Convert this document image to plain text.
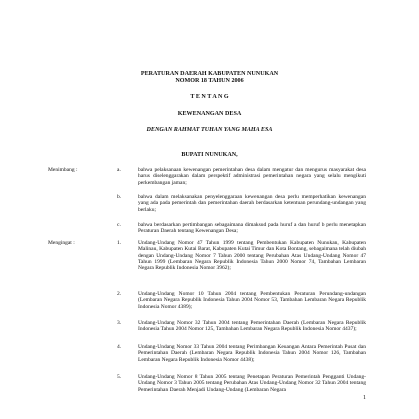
PERATURAN DAERAH KABUPATEN NUNUKAN
NOMOR 18 TAHUN 2006
T E N T A N G
KEWENANGAN DESA
DENGAN RAHMAT TUHAN YANG MAHA ESA
BUPATI NUNUKAN,
Menimbang :	a.	bahwa pelaksanaan kewenangan pemerintahan desa dalam mengatur dan mengurus masyarakat desa harus diselenggarakan dalam perspektif administrasi pemerintahan negara yang selalu mengikuti perkembangan jaman;
b.	bahwa dalam melaksanakan penyelenggaraan kewenangan desa perlu memperhatikan kewenangan yang ada pada pemerintah dan pemerintahan daerah berdasarkan ketentuan perundang-undangan yang berlaku;
c.	bahwa berdasarkan pertimbangan sebagaimana dimaksud pada huruf a dan huruf b perlu menetapkan Peraturan Daerah tentang Kewenangan Desa;
Mengingat :	1.	Undang-Undang Nomor 47 Tahun 1999 tentang Pembentukan Kabupaten Nunukan, Kabupaten Malinau, Kabupaten Kutai Barat, Kabupaten Kutai Timur dan Kota Bontang, sebagaimana telah diubah dengan Undang-Undang Nomor 7 Tahun 2000 tentang Perubahan Atas Undang-Undang Nomor 47 Tahun 1999 (Lembaran Negara Republik Indonesia Tahun 2000 Nomor 74, Tambahan Lembaran Negara Republik Indonesia Nomor 3962);
2.	Undang-Undang Nomor 10 Tahun 2004 tentang Pembentukan Peraturan Perundang-undangan (Lembaran Negara Republik Indonesia Tahun 2004 Nomor 53, Tambahan Lembaran Negara Republik Indonesia Nomor 4389);
3.	Undang-Undang Nomor 32 Tahun 2004 tentang Pemerintahan Daerah (Lembaran Negara Republik Indonesia Tahun 2004 Nomor 125, Tambahan Lembaran Negara Republik Indonesia Nomor 4437);
4.	Undang-Undang Nomor 33 Tahun 2004 tentang Perimbangan Keuangan Antara Pemerintah Pusat dan Pemerintahan Daerah (Lembaran Negara Republik Indonesia Tahun 2004 Nomor 126, Tambahan Lembaran Negara Republik Indonesia Nomor 4438);
5.	Undang-Undang Nomor 8 Tahun 2005 tentang Penetapan Peraturan Pemerintah Pengganti Undang-Undang Nomor 3 Tahun 2005 tentang Perubahan Atas Undang-Undang Nomor 32 Tahun 2004 tentang Pemerintahan Daerah Menjadi Undang-Undang (Lembaran Negara
1
